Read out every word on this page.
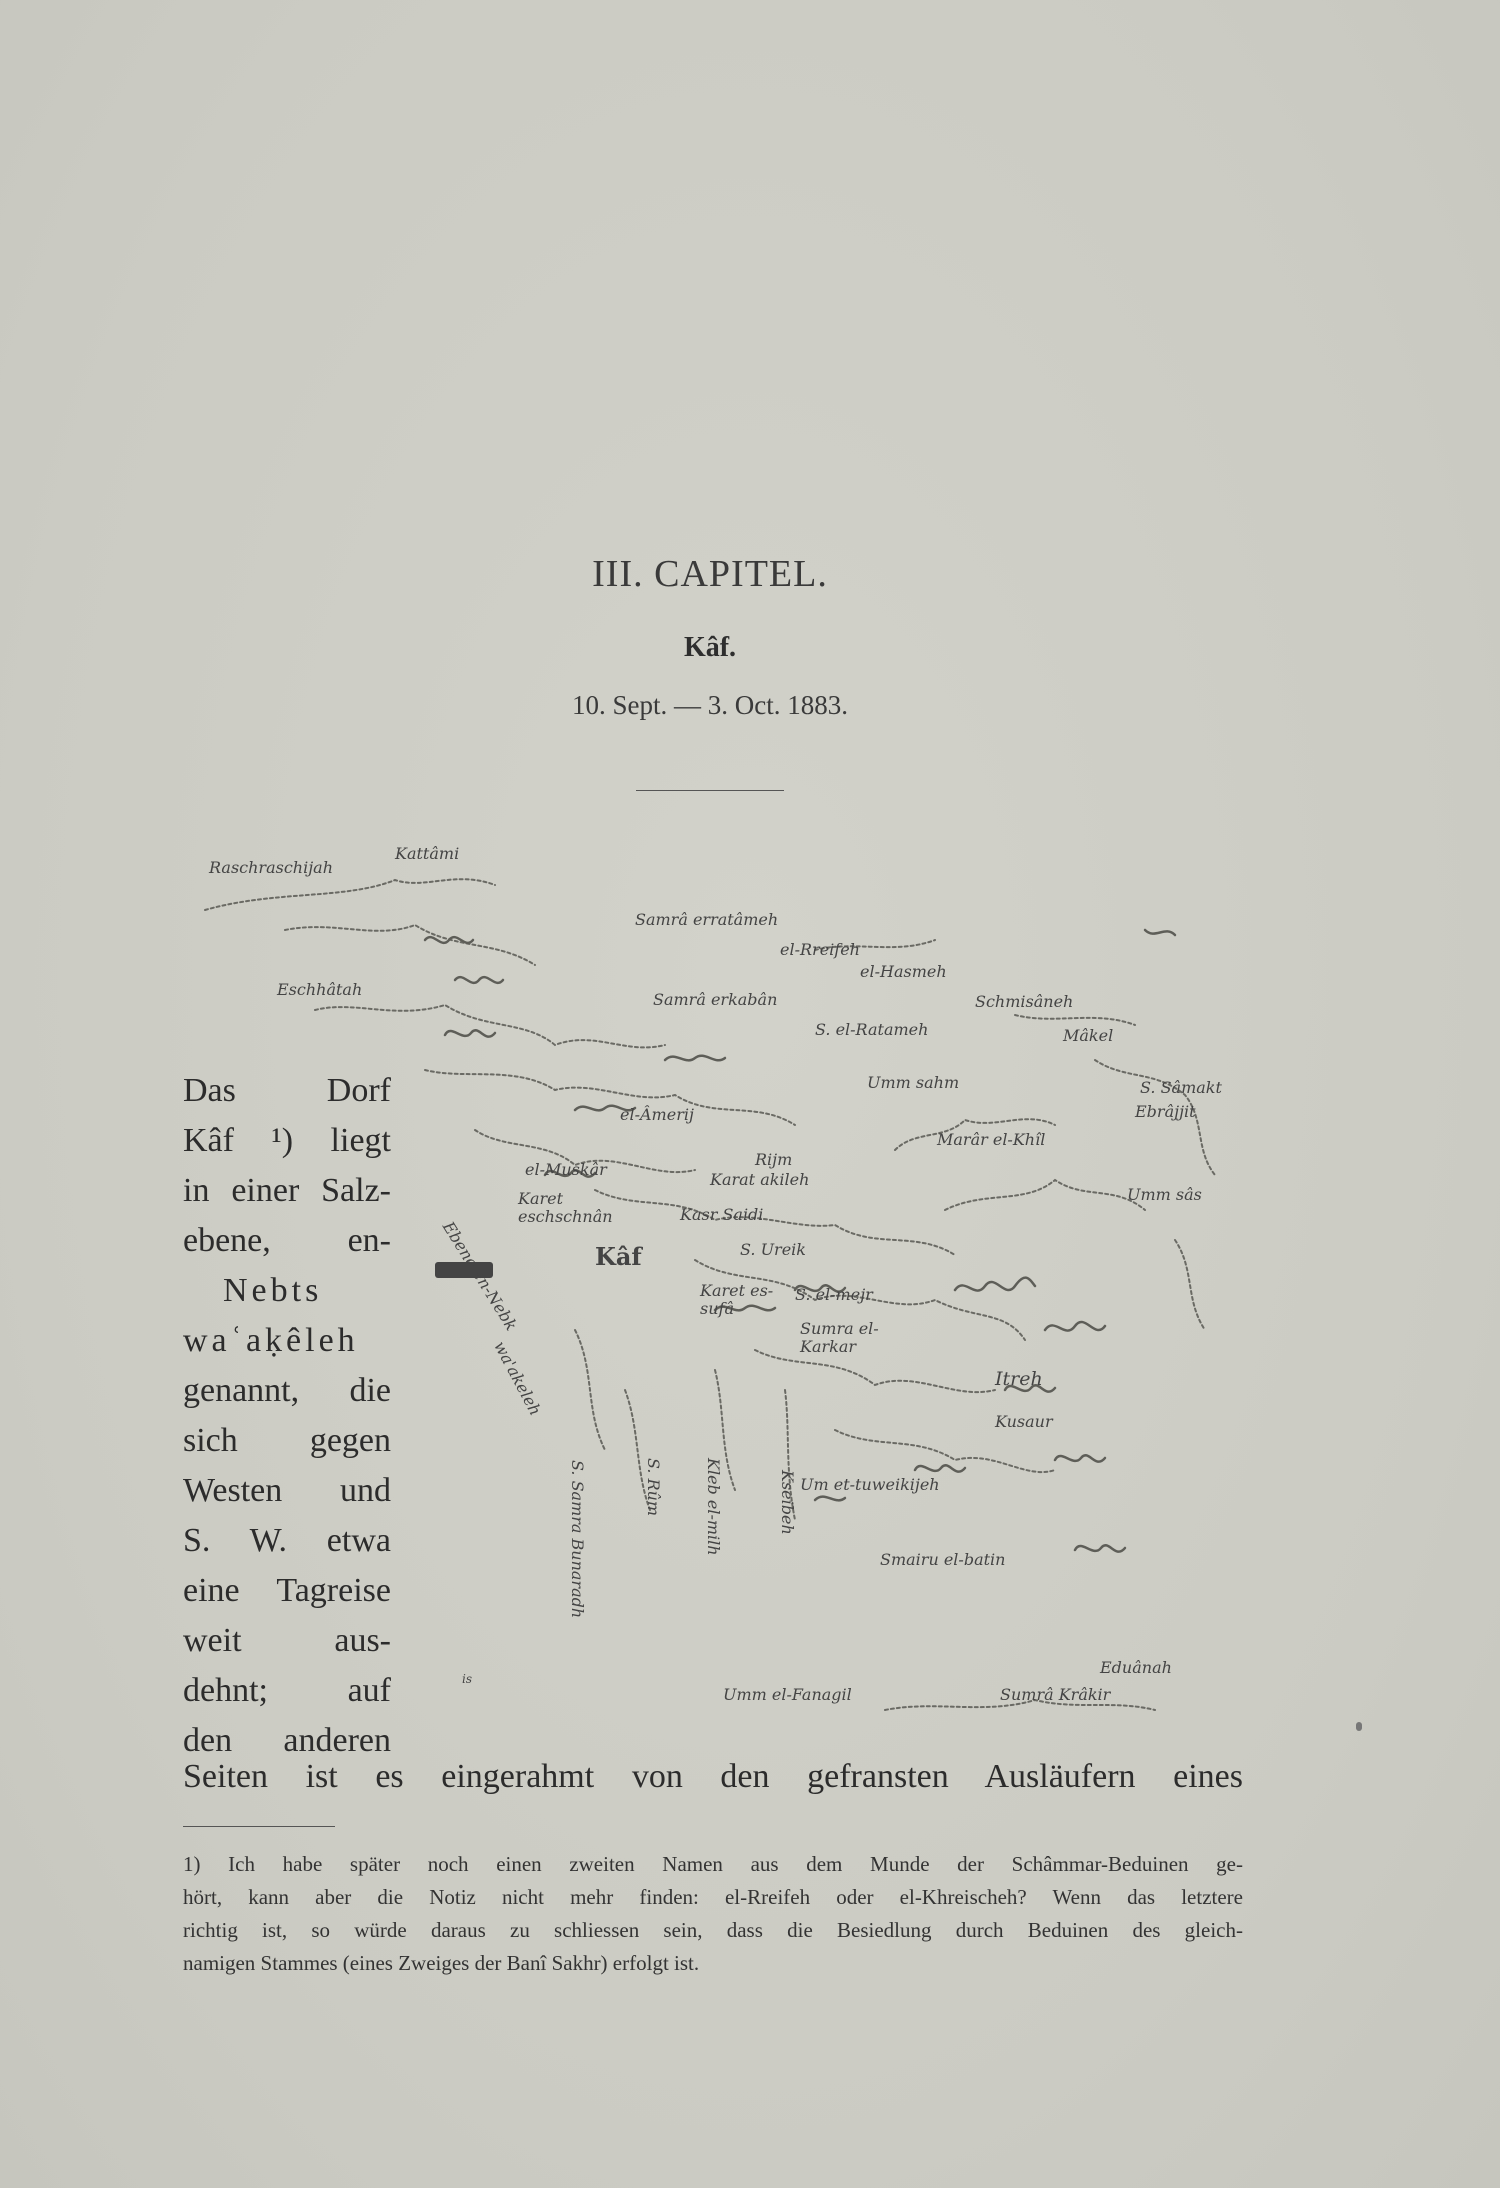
III. CAPITEL.
Kâf.
10. Sept. — 3. Oct. 1883.
Raschraschijah
Kattâmi
Eschhâtah
Samrâ erratâmeh
el-Rreifeh
el-Hasmeh
Samrâ erkabân	Schmisâneh
S. el-Ratameh	Mâkel
Umm sahm	S. Sâmakt
Ebrâjjit
el-Âmerij
Marâr el-Khîl
el-Muskâr
Rijm
Karat akileh
Umm sâs
Karet eschschnân	Kasr Saidi
Kâf	S. Ureik
Ebene en-Nebk
wa'akeleh
Karet es-sufâ
S. el-mejr
Sumra el-Karkar
Itreh
Kusaur
Um et-tuweikijeh
S. Samra Bunaradh	S. Rûm	Kleb el-milh	Kseibeh
Smairu el-batin
Umm el-Fanagil
Eduânah
Sumrâ Krâkir
is
Das Dorf
Kâf ¹) liegt
in einer Salz-
ebene, en-
Nebts
waʿaḳêleh
genannt, die
sich gegen
Westen und
S. W. etwa
eine Tagreise
weit aus-
dehnt; auf
den anderen
Seiten ist es eingerahmt von den gefransten Ausläufern eines
1) Ich habe später noch einen zweiten Namen aus dem Munde der Schâmmar-Beduinen ge-
hört, kann aber die Notiz nicht mehr finden: el-Rreifeh oder el-Khreischeh? Wenn das letztere
richtig ist, so würde daraus zu schliessen sein, dass die Besiedlung durch Beduinen des gleich-
namigen Stammes (eines Zweiges der Banî Sakhr) erfolgt ist.
